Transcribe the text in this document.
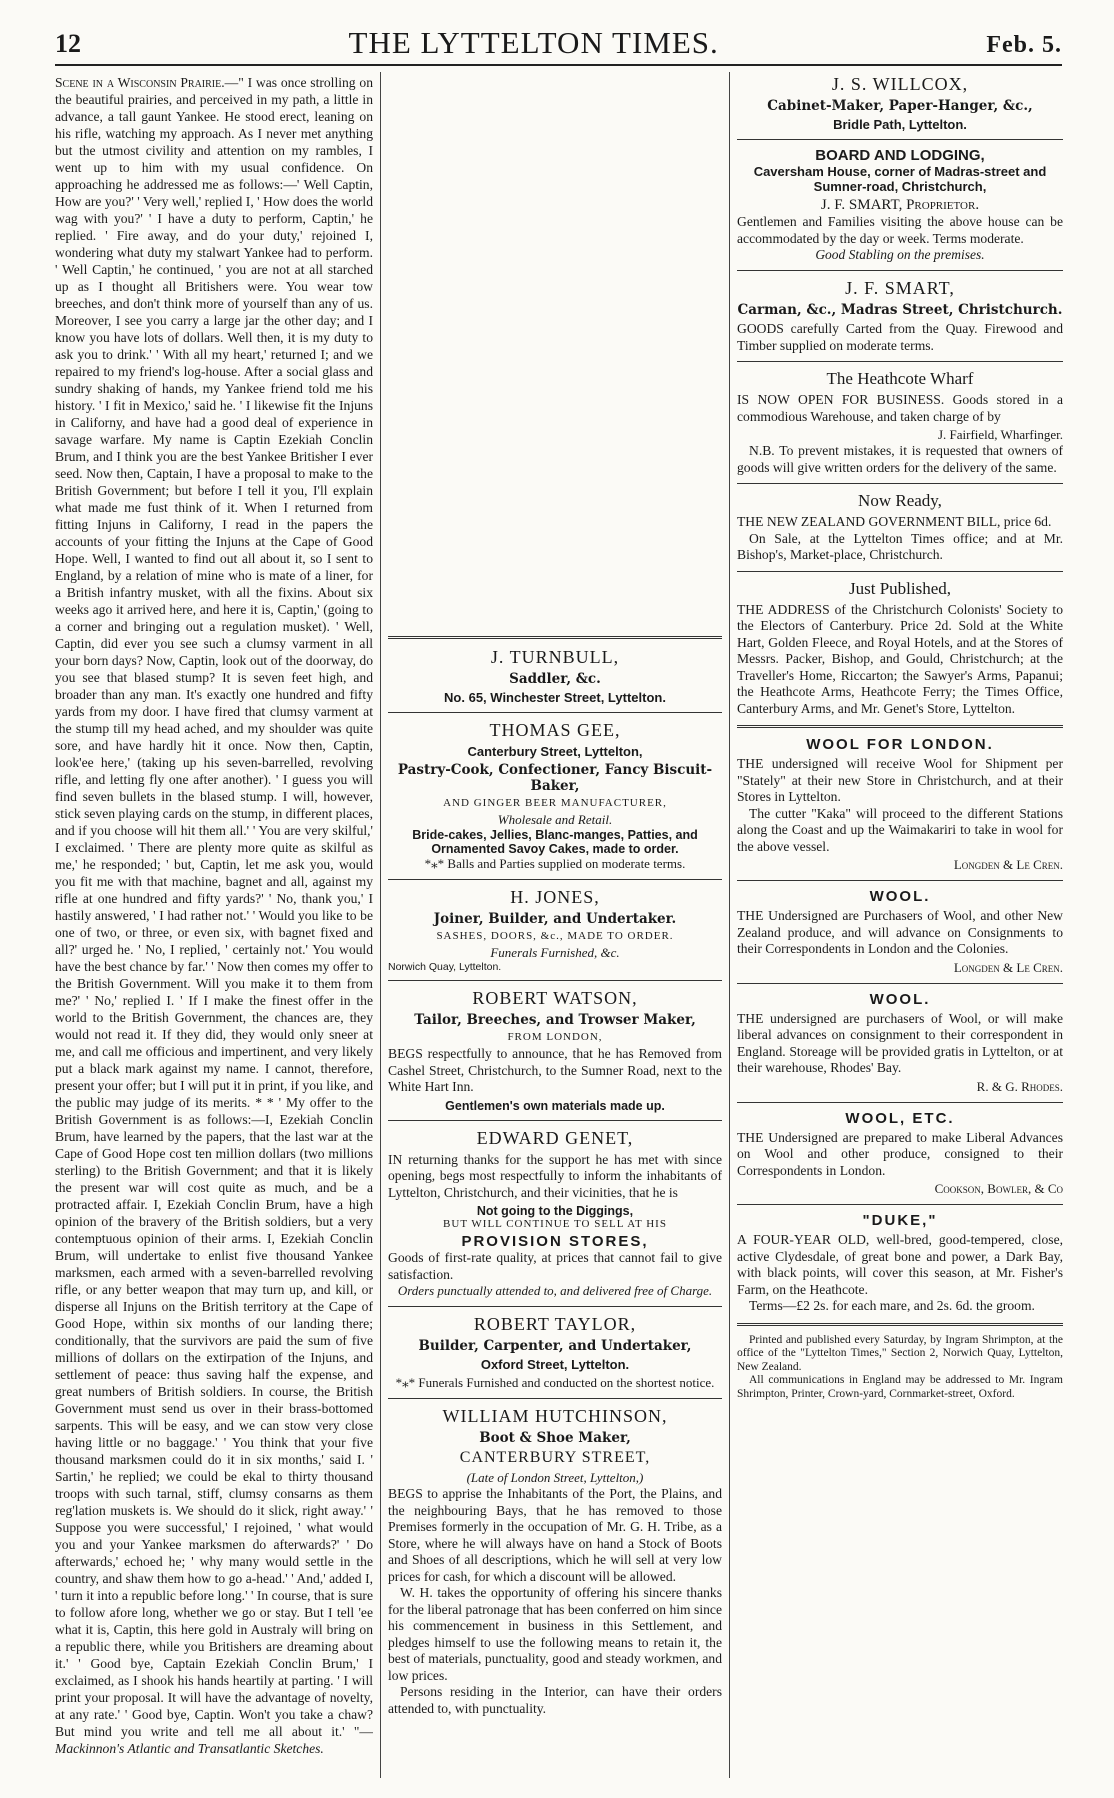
12	THE LYTTELTON TIMES.	Feb. 5.

Scene in a Wisconsin Prairie.—" I was once strolling on the beautiful prairies, and perceived in my path, a little in advance, a tall gaunt Yankee. He stood erect, leaning on his rifle, watching my approach. As I never met anything but the utmost civility and attention on my rambles, I went up to him with my usual confidence. On approaching he addressed me as follows:—' Well Captin, How are you?' ' Very well,' replied I, ' How does the world wag with you?' ' I have a duty to perform, Captin,' he replied. ' Fire away, and do your duty,' rejoined I, wondering what duty my stalwart Yankee had to perform. ' Well Captin,' he continued, ' you are not at all starched up as I thought all Britishers were. You wear tow breeches, and don't think more of yourself than any of us. Moreover, I see you carry a large jar the other day; and I know you have lots of dollars. Well then, it is my duty to ask you to drink.' ' With all my heart,' returned I; and we repaired to my friend's log-house. After a social glass and sundry shaking of hands, my Yankee friend told me his history. ' I fit in Mexico,' said he. ' I likewise fit the Injuns in Californy, and have had a good deal of experience in savage warfare. My name is Captin Ezekiah Conclin Brum, and I think you are the best Yankee Britisher I ever seed. Now then, Captain, I have a proposal to make to the British Government; but before I tell it you, I'll explain what made me fust think of it. When I returned from fitting Injuns in Californy, I read in the papers the accounts of your fitting the Injuns at the Cape of Good Hope. Well, I wanted to find out all about it, so I sent to England, by a relation of mine who is mate of a liner, for a British infantry musket, with all the fixins. About six weeks ago it arrived here, and here it is, Captin,' (going to a corner and bringing out a regulation musket). ' Well, Captin, did ever you see such a clumsy varment in all your born days? Now, Captin, look out of the doorway, do you see that blased stump? It is seven feet high, and broader than any man. It's exactly one hundred and fifty yards from my door. I have fired that clumsy varment at the stump till my head ached, and my shoulder was quite sore, and have hardly hit it once. Now then, Captin, look'ee here,' (taking up his seven-barrelled, revolving rifle, and letting fly one after another). ' I guess you will find seven bullets in the blased stump. I will, however, stick seven playing cards on the stump, in different places, and if you choose will hit them all.' ' You are very skilful,' I exclaimed. ' There are plenty more quite as skilful as me,' he responded; ' but, Captin, let me ask you, would you fit me with that machine, bagnet and all, against my rifle at one hundred and fifty yards?' ' No, thank you,' I hastily answered, ' I had rather not.' ' Would you like to be one of two, or three, or even six, with bagnet fixed and all?' urged he. ' No, I replied, ' certainly not.' You would have the best chance by far.' ' Now then comes my offer to the British Government. Will you make it to them from me?' ' No,' replied I. ' If I make the finest offer in the world to the British Government, the chances are, they would not read it. If they did, they would only sneer at me, and call me officious and impertinent, and very likely put a black mark against my name. I cannot, therefore, present your offer; but I will put it in print, if you like, and the public may judge of its merits. * * ' My offer to the British Government is as follows:—I, Ezekiah Conclin Brum, have learned by the papers, that the last war at the Cape of Good Hope cost ten million dollars (two millions sterling) to the British Government; and that it is likely the present war will cost quite as much, and be a protracted affair. I, Ezekiah Conclin Brum, have a high opinion of the bravery of the British soldiers, but a very contemptuous opinion of their arms. I, Ezekiah Conclin Brum, will undertake to enlist five thousand Yankee marksmen, each armed with a seven-barrelled revolving rifle, or any better weapon that may turn up, and kill, or disperse all Injuns on the British territory at the Cape of Good Hope, within six months of our landing there; conditionally, that the survivors are paid the sum of five millions of dollars on the extirpation of the Injuns, and settlement of peace: thus saving half the expense, and great numbers of British soldiers. In course, the British Government must send us over in their brass-bottomed sarpents. This will be easy, and we can stow very close having little or no baggage.' ' You think that your five thousand marksmen could do it in six months,' said I. ' Sartin,' he replied; we could be ekal to thirty thousand troops with such tarnal, stiff, clumsy consarns as them reg'lation muskets is. We should do it slick, right away.' ' Suppose you were successful,' I rejoined, ' what would you and your Yankee marksmen do afterwards?' ' Do afterwards,' echoed he; ' why many would settle in the country, and shaw them how to go a-head.' ' And,' added I, ' turn it into a republic before long.' ' In course, that is sure to follow afore long, whether we go or stay. But I tell 'ee what it is, Captin, this here gold in Australy will bring on a republic there, while you Britishers are dreaming about it.' ' Good bye, Captain Ezekiah Conclin Brum,' I exclaimed, as I shook his hands heartily at parting. ' I will print your proposal. It will have the advantage of novelty, at any rate.' ' Good bye, Captin. Won't you take a chaw? But mind you write and tell me all about it.' "— Mackinnon's Atlantic and Transatlantic Sketches.

J. TURNBULL,
Saddler, &c.
No. 65, Winchester Street, Lyttelton.
THOMAS GEE,
Canterbury Street, Lyttelton,
Pastry-Cook, Confectioner, Fancy Biscuit-Baker,
AND GINGER BEER MANUFACTURER,
Wholesale and Retail.
Bride-cakes, Jellies, Blanc-manges, Patties, and Ornamented Savoy Cakes, made to order.
*⁎* Balls and Parties supplied on moderate terms.
H. JONES,
Joiner, Builder, and Undertaker.
SASHES, DOORS, &c., MADE TO ORDER.
Funerals Furnished, &c.
Norwich Quay, Lyttelton.
ROBERT WATSON,
Tailor, Breeches, and Trowser Maker,
FROM LONDON,

BEGS respectfully to announce, that he has Removed from Cashel Street, Christchurch, to the Sumner Road, next to the White Hart Inn.

Gentlemen's own materials made up.
EDWARD GENET,

IN returning thanks for the support he has met with since opening, begs most respectfully to inform the inhabitants of Lyttelton, Christchurch, and their vicinities, that he is

Not going to the Diggings,
BUT WILL CONTINUE TO SELL AT HIS
PROVISION STORES,

Goods of first-rate quality, at prices that cannot fail to give satisfaction.

Orders punctually attended to, and delivered free of Charge.
ROBERT TAYLOR,
Builder, Carpenter, and Undertaker,
Oxford Street, Lyttelton.
*⁎* Funerals Furnished and conducted on the shortest notice.
WILLIAM HUTCHINSON,
Boot & Shoe Maker,
CANTERBURY STREET,
(Late of London Street, Lyttelton,)

BEGS to apprise the Inhabitants of the Port, the Plains, and the neighbouring Bays, that he has removed to those Premises formerly in the occupation of Mr. G. H. Tribe, as a Store, where he will always have on hand a Stock of Boots and Shoes of all descriptions, which he will sell at very low prices for cash, for which a discount will be allowed.

W. H. takes the opportunity of offering his sincere thanks for the liberal patronage that has been conferred on him since his commencement in business in this Settlement, and pledges himself to use the following means to retain it, the best of materials, punctuality, good and steady workmen, and low prices.

Persons residing in the Interior, can have their orders attended to, with punctuality.

J. S. WILLCOX,
Cabinet-Maker, Paper-Hanger, &c.,
Bridle Path, Lyttelton.
BOARD AND LODGING,
Caversham House, corner of Madras-street and Sumner-road, Christchurch,
J. F. SMART, Proprietor.

Gentlemen and Families visiting the above house can be accommodated by the day or week. Terms moderate.

Good Stabling on the premises.
J. F. SMART,
Carman, &c., Madras Street, Christchurch.

GOODS carefully Carted from the Quay. Firewood and Timber supplied on moderate terms.

The Heathcote Wharf

IS NOW OPEN FOR BUSINESS. Goods stored in a commodious Warehouse, and taken charge of by

J. Fairfield, Wharfinger.

N.B. To prevent mistakes, it is requested that owners of goods will give written orders for the delivery of the same.

Now Ready,

THE NEW ZEALAND GOVERNMENT BILL, price 6d.

On Sale, at the Lyttelton Times office; and at Mr. Bishop's, Market-place, Christchurch.

Just Published,

THE ADDRESS of the Christchurch Colonists' Society to the Electors of Canterbury. Price 2d. Sold at the White Hart, Golden Fleece, and Royal Hotels, and at the Stores of Messrs. Packer, Bishop, and Gould, Christchurch; at the Traveller's Home, Riccarton; the Sawyer's Arms, Papanui; the Heathcote Arms, Heathcote Ferry; the Times Office, Canterbury Arms, and Mr. Genet's Store, Lyttelton.

WOOL FOR LONDON.

THE undersigned will receive Wool for Shipment per "Stately" at their new Store in Christchurch, and at their Stores in Lyttelton.

The cutter "Kaka" will proceed to the different Stations along the Coast and up the Waimakariri to take in wool for the above vessel.

Longden & Le Cren.
WOOL.

THE Undersigned are Purchasers of Wool, and other New Zealand produce, and will advance on Consignments to their Correspondents in London and the Colonies.

Longden & Le Cren.
WOOL.

THE undersigned are purchasers of Wool, or will make liberal advances on consignment to their correspondent in England. Storeage will be provided gratis in Lyttelton, or at their warehouse, Rhodes' Bay.

R. & G. Rhodes.
WOOL, ETC.

THE Undersigned are prepared to make Liberal Advances on Wool and other produce, consigned to their Correspondents in London.

Cookson, Bowler, & Co
"DUKE,"

A FOUR-YEAR OLD, well-bred, good-tempered, close, active Clydesdale, of great bone and power, a Dark Bay, with black points, will cover this season, at Mr. Fisher's Farm, on the Heathcote.

Terms—£2 2s. for each mare, and 2s. 6d. the groom.

Printed and published every Saturday, by Ingram Shrimpton, at the office of the "Lyttelton Times," Section 2, Norwich Quay, Lyttelton, New Zealand.

All communications in England may be addressed to Mr. Ingram Shrimpton, Printer, Crown-yard, Cornmarket-street, Oxford.
